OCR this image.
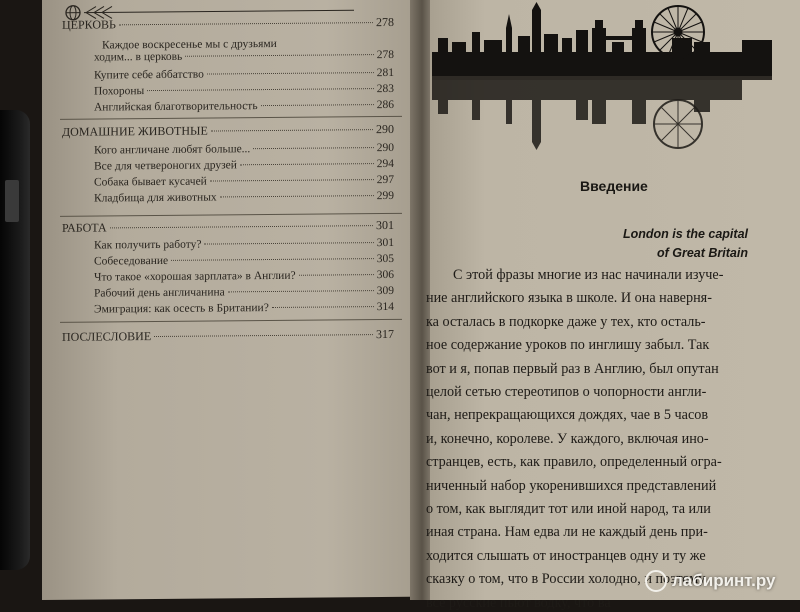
ЦЕРКОВЬ	278
Каждое воскресенье мы с друзьями
ходим... в церковь	278
Купите себе аббатство	281
Похороны	283
Английская благотворительность	286
ДОМАШНИЕ ЖИВОТНЫЕ	290
Кого англичане любят больше...	290
Все для четвероногих друзей	294
Собака бывает кусачей	297
Кладбища для животных	299
РАБОТА	301
Как получить работу?	301
Собеседование	305
Что такое «хорошая зарплата» в Англии?	306
Рабочий день англичанина	309
Эмиграция: как осесть в Британии?	314
ПОСЛЕСЛОВИЕ	317
Введение
London is the capital
of Great Britain
С этой фразы многие из нас начинали изуче-
ние английского языка в школе. И она наверня-
ка осталась в подкорке даже у тех, кто осталь-
ное содержание уроков по инглишу забыл. Так
вот и я, попав первый раз в Англию, был опутан
целой сетью стереотипов о чопорности англи-
чан, непрекращающихся дождях, чае в 5 часов
и, конечно, королеве. У каждого, включая ино-
странцев, есть, как правило, определенный огра-
ниченный набор укоренившихся представлений
о том, как выглядит тот или иной народ, та или
иная страна. Нам едва ли не каждый день при-
ходится слышать от иностранцев одну и ту же
сказку о том, что в России холодно, и поэтому
все русские пьют водку, что ва
лабиринт.ру
